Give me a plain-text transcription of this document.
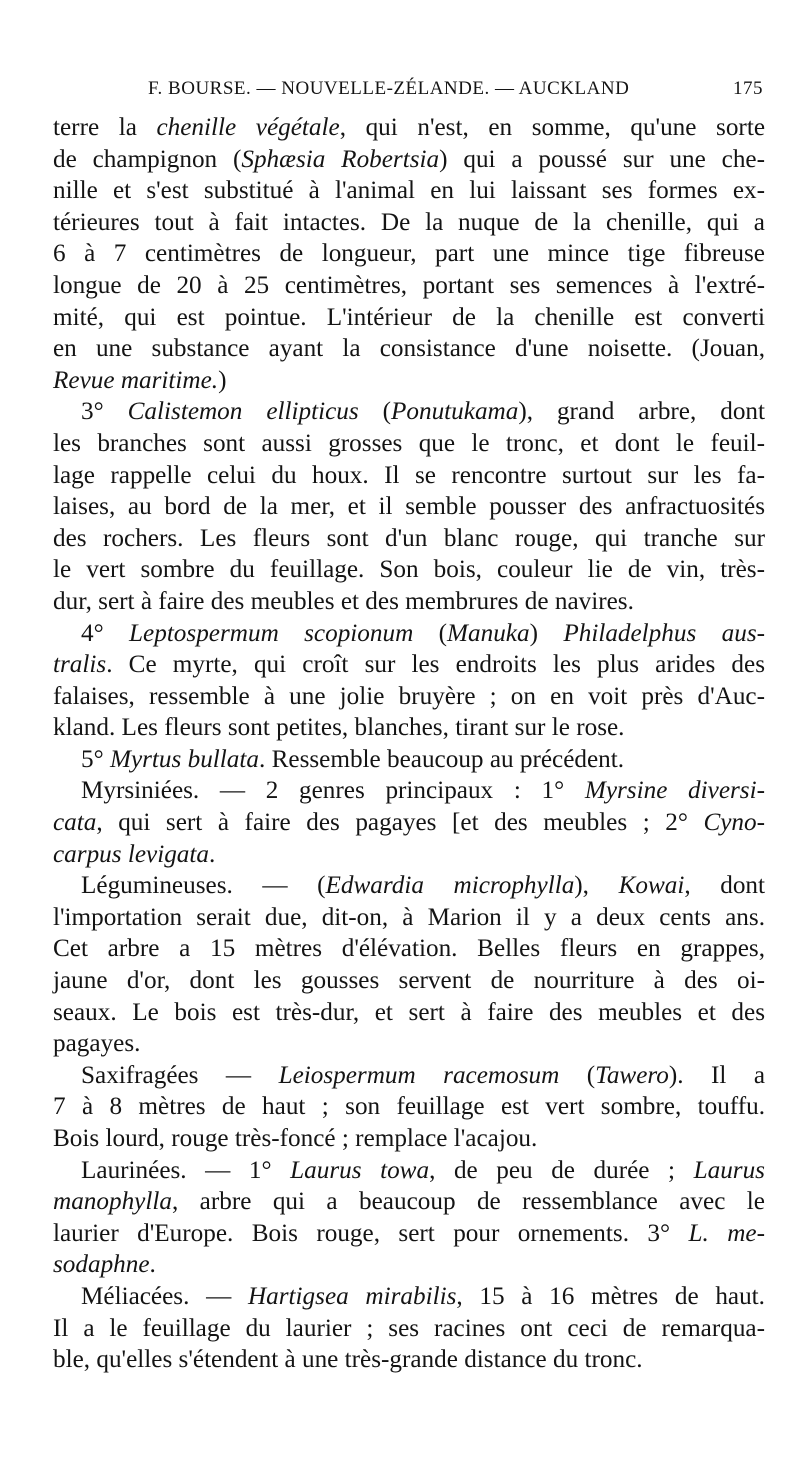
F. BOURSE. — NOUVELLE-ZÉLANDE. — AUCKLAND	175
terre la chenille végétale, qui n'est, en somme, qu'une sorte
de champignon (Sphæsia Robertsia) qui a poussé sur une che-
nille et s'est substitué à l'animal en lui laissant ses formes ex-
térieures tout à fait intactes. De la nuque de la chenille, qui a
6 à 7 centimètres de longueur, part une mince tige fibreuse
longue de 20 à 25 centimètres, portant ses semences à l'extré-
mité, qui est pointue. L'intérieur de la chenille est converti
en une substance ayant la consistance d'une noisette. (Jouan,
Revue maritime.)
3° Calistemon ellipticus (Ponutukama), grand arbre, dont
les branches sont aussi grosses que le tronc, et dont le feuil-
lage rappelle celui du houx. Il se rencontre surtout sur les fa-
laises, au bord de la mer, et il semble pousser des anfractuosités
des rochers. Les fleurs sont d'un blanc rouge, qui tranche sur
le vert sombre du feuillage. Son bois, couleur lie de vin, très-
dur, sert à faire des meubles et des membrures de navires.
4° Leptospermum scopionum (Manuka) Philadelphus aus-
tralis. Ce myrte, qui croît sur les endroits les plus arides des
falaises, ressemble à une jolie bruyère ; on en voit près d'Auc-
kland. Les fleurs sont petites, blanches, tirant sur le rose.
5° Myrtus bullata. Ressemble beaucoup au précédent.
Myrsiniées. — 2 genres principaux : 1° Myrsine diversi-
cata, qui sert à faire des pagayes [et des meubles ; 2° Cyno-
carpus levigata.
Légumineuses. — (Edwardia microphylla), Kowai, dont
l'importation serait due, dit-on, à Marion il y a deux cents ans.
Cet arbre a 15 mètres d'élévation. Belles fleurs en grappes,
jaune d'or, dont les gousses servent de nourriture à des oi-
seaux. Le bois est très-dur, et sert à faire des meubles et des
pagayes.
Saxifragées — Leiospermum racemosum (Tawero). Il a
7 à 8 mètres de haut ; son feuillage est vert sombre, touffu.
Bois lourd, rouge très-foncé ; remplace l'acajou.
Laurinées. — 1° Laurus towa, de peu de durée ; Laurus
manophylla, arbre qui a beaucoup de ressemblance avec le
laurier d'Europe. Bois rouge, sert pour ornements. 3° L. me-
sodaphne.
Méliacées. — Hartigsea mirabilis, 15 à 16 mètres de haut.
Il a le feuillage du laurier ; ses racines ont ceci de remarqua-
ble, qu'elles s'étendent à une très-grande distance du tronc.
